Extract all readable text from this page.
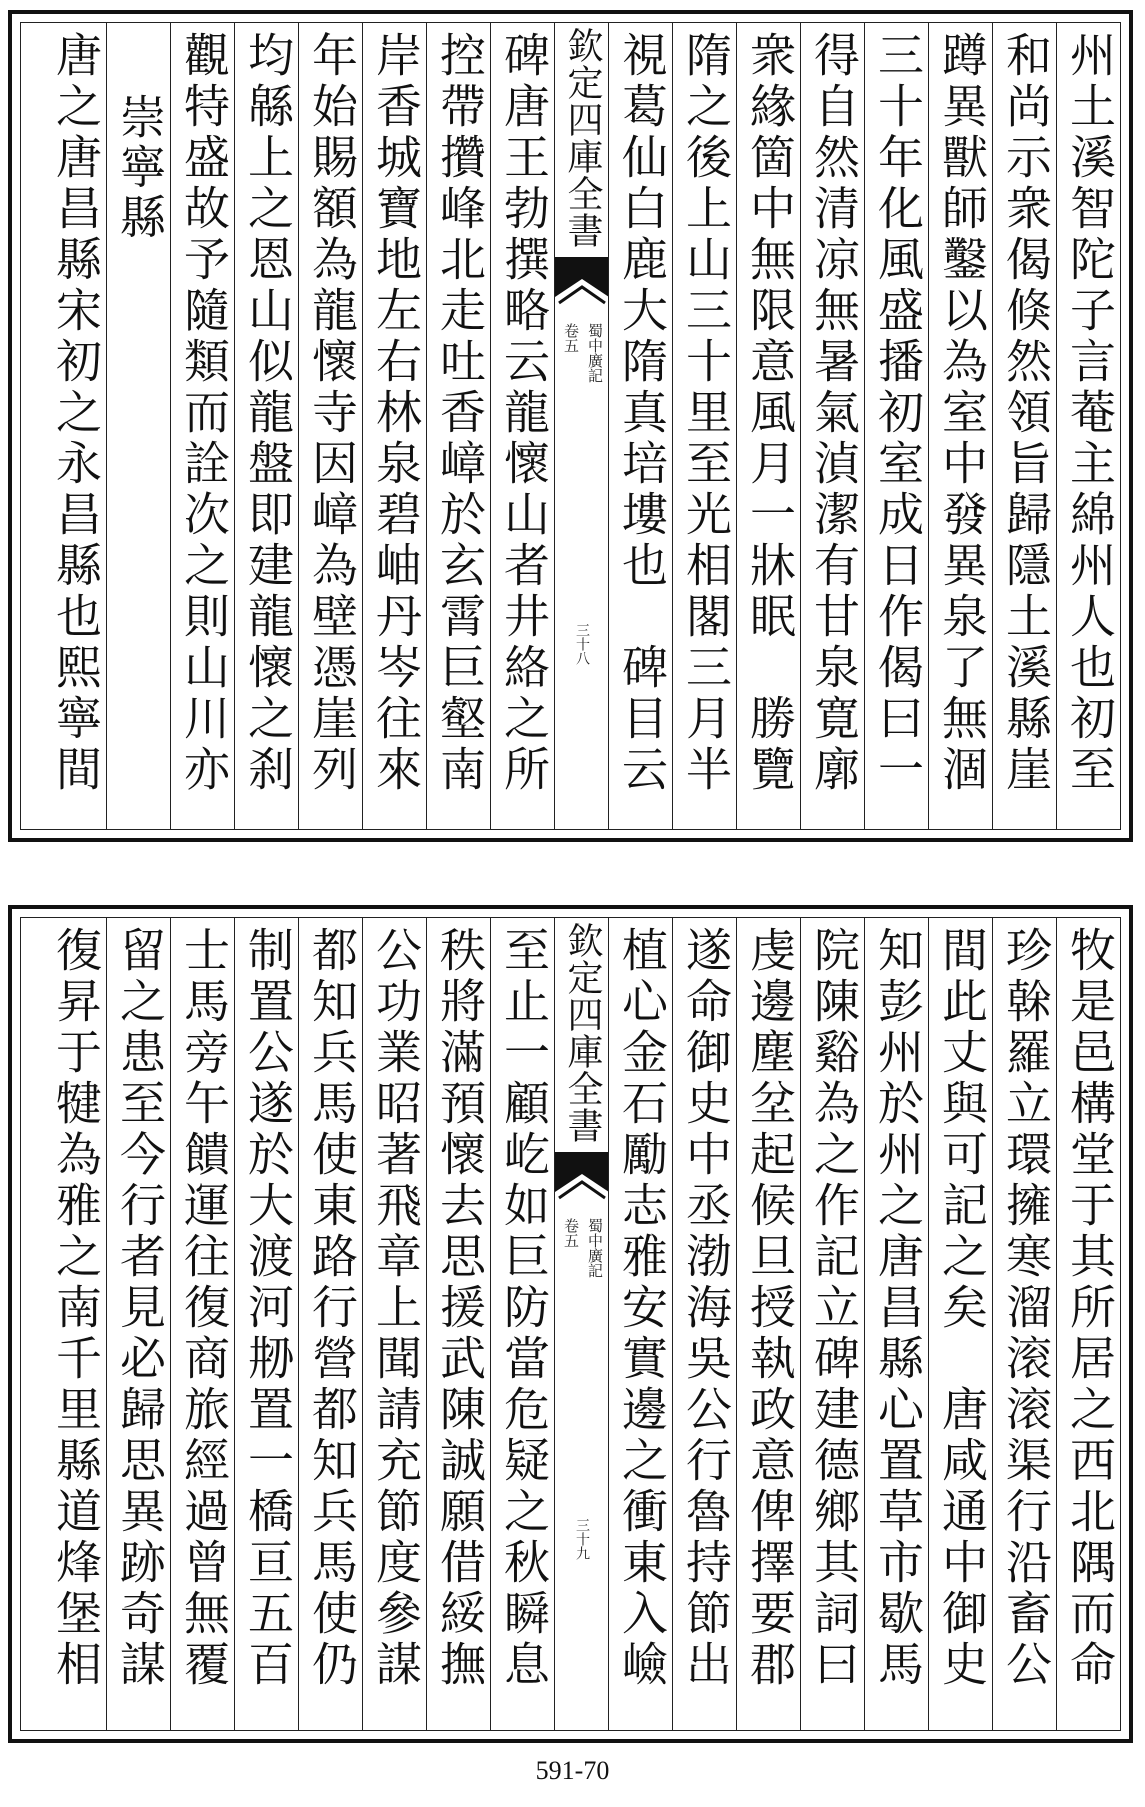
州土溪智陀子言菴主綿州人也初至
和尚示衆偈倏然領旨歸隱土溪縣崖
蹲異獸師鑿以為室中發異泉了無涸
三十年化風盛播初室成日作偈曰一
得自然清凉無暑氣湞潔有甘泉寛廓
衆緣箇中無限意風月一牀眠　勝覽
隋之後上山三十里至光相閣三月半
視葛仙白鹿大隋真培塿也　碑目云
欽定四庫全書
蜀中廣記
卷五
三十八
碑唐王勃撰略云龍懷山者井絡之所
控帶攢峰北走吐香嶂於玄霄巨壑南
岸香城寶地左右林泉碧岫丹岑往來
年始賜額為龍懷寺因嶂為壁憑崖列
均緜上之恩山似龍盤即建龍懷之刹　
觀特盛故予隨類而詮次之則山川亦
崇寧縣
唐之唐昌縣宋初之永昌縣也熙寧間
牧是邑構堂于其所居之西北隅而命
珍榦羅立環擁寒溜滚滚渠行沿畜公
間此丈與可記之矣　唐咸通中御史
知彭州於州之唐昌縣心置草市歇馬
院陳谿為之作記立碑建德鄉其詞曰
虔邊塵坌起候旦授執政意俾擇要郡
遂命御史中丞渤海吳公行魯持節出
植心金石勵志雅安實邊之衝東入嶮
欽定四庫全書
蜀中廣記
卷五
三十九
至止一顧屹如巨防當危疑之秋瞬息
秩將滿預懷去思援武陳誠願借綏撫
公功業昭著飛章上聞請充節度參謀
都知兵馬使東路行營都知兵馬使仍
制置公遂於大渡河刱置一橋亘五百
士馬旁午饋運往復商旅經過曾無覆
留之患至今行者見必歸思異跡奇謀
復昇于犍為雅之南千里縣道烽堡相
591-70
